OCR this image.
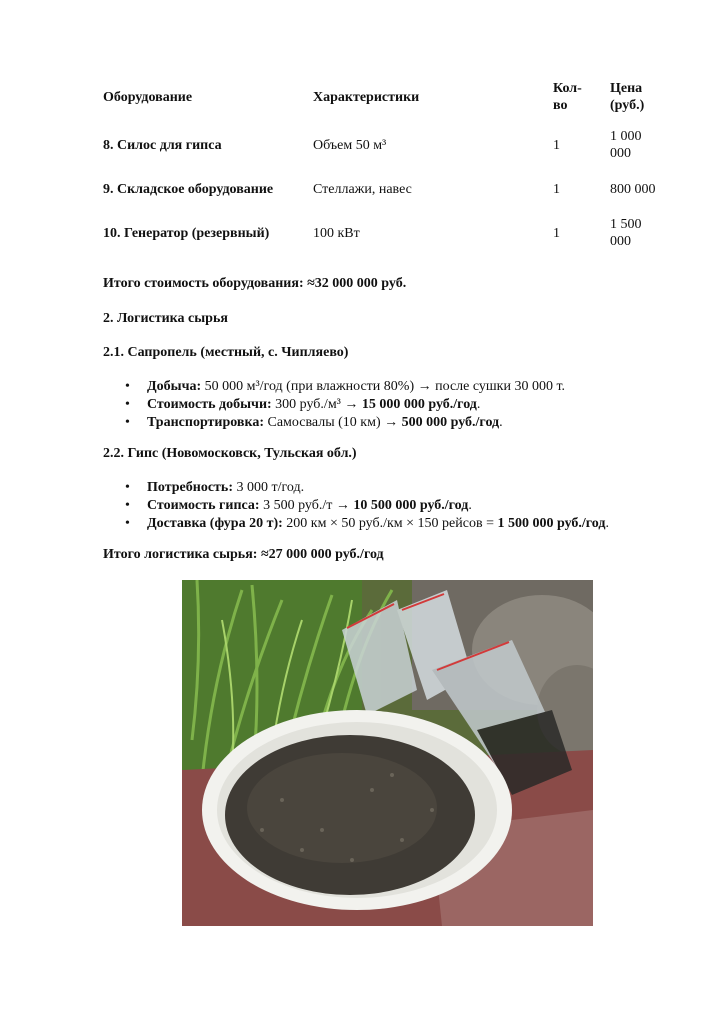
Оборудование	Характеристики	Кол-
во	Цена
(руб.)
8. Силос для гипса	Объем 50 м³	1	1 000
000
9. Складское оборудование	Стеллажи, навес	1	800 000
10. Генератор (резервный)	100 кВт	1	1 500
000
Итого стоимость оборудования: ≈32 000 000 руб.
2. Логистика сырья
2.1. Сапропель (местный, с. Чипляево)
• Добыча: 50 000 м³/год (при влажности 80%) → после сушки 30 000 т.
• Стоимость добычи: 300 руб./м³ → 15 000 000 руб./год.
• Транспортировка: Самосвалы (10 км) → 500 000 руб./год.
2.2. Гипс (Новомосковск, Тульская обл.)
• Потребность: 3 000 т/год.
• Стоимость гипса: 3 500 руб./т → 10 500 000 руб./год.
• Доставка (фура 20 т): 200 км × 50 руб./км × 150 рейсов = 1 500 000 руб./год.
Итого логистика сырья: ≈27 000 000 руб./год
